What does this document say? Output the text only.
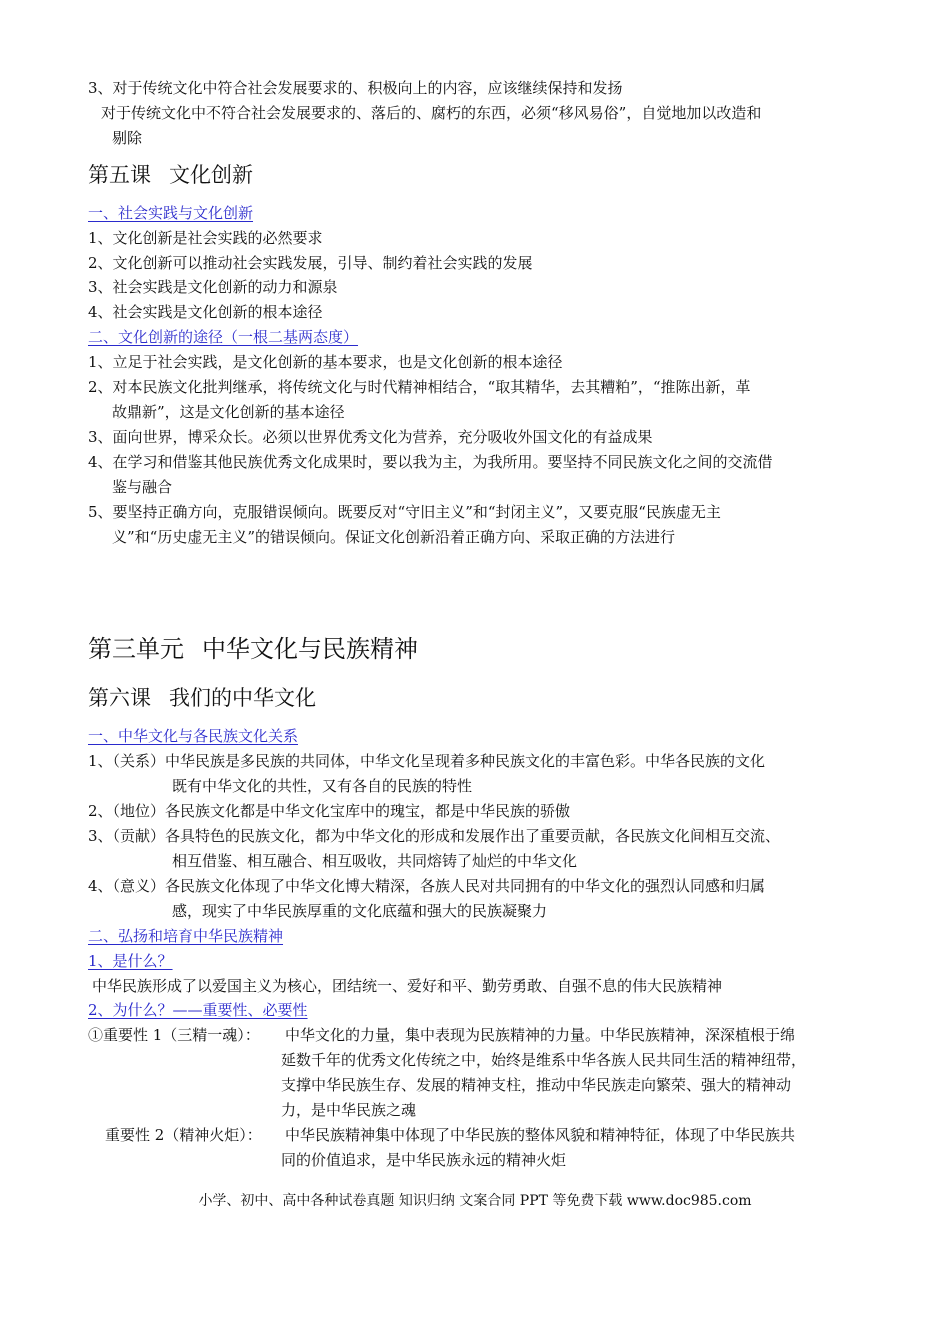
3、对于传统文化中符合社会发展要求的、积极向上的内容，应该继续保持和发扬
对于传统文化中不符合社会发展要求的、落后的、腐朽的东西，必须“移风易俗”，自觉地加以改造和
剔除
第五课 文化创新
一、社会实践与文化创新
1、文化创新是社会实践的必然要求
2、文化创新可以推动社会实践发展，引导、制约着社会实践的发展
3、社会实践是文化创新的动力和源泉
4、社会实践是文化创新的根本途径
二、文化创新的途径（一根二基两态度）
1、立足于社会实践，是文化创新的基本要求，也是文化创新的根本途径
2、对本民族文化批判继承，将传统文化与时代精神相结合，“取其精华，去其糟粕”，“推陈出新，革
故鼎新”，这是文化创新的基本途径
3、面向世界，博采众长。必须以世界优秀文化为营养，充分吸收外国文化的有益成果
4、在学习和借鉴其他民族优秀文化成果时，要以我为主，为我所用。要坚持不同民族文化之间的交流借
鉴与融合
5、要坚持正确方向，克服错误倾向。既要反对“守旧主义”和“封闭主义”，又要克服“民族虚无主
义”和“历史虚无主义”的错误倾向。保证文化创新沿着正确方向、采取正确的方法进行
第三单元 中华文化与民族精神
第六课 我们的中华文化
一、中华文化与各民族文化关系
1、（关系）中华民族是多民族的共同体，中华文化呈现着多种民族文化的丰富色彩。中华各民族的文化
既有中华文化的共性，又有各自的民族的特性
2、（地位）各民族文化都是中华文化宝库中的瑰宝，都是中华民族的骄傲
3、（贡献）各具特色的民族文化，都为中华文化的形成和发展作出了重要贡献，各民族文化间相互交流、
相互借鉴、相互融合、相互吸收，共同熔铸了灿烂的中华文化
4、（意义）各民族文化体现了中华文化博大精深，各族人民对共同拥有的中华文化的强烈认同感和归属
感，现实了中华民族厚重的文化底蕴和强大的民族凝聚力
二、弘扬和培育中华民族精神
1、是什么？
中华民族形成了以爱国主义为核心，团结统一、爱好和平、勤劳勇敢、自强不息的伟大民族精神
2、为什么？——重要性、必要性
①重要性 1（三精一魂）： 中华文化的力量，集中表现为民族精神的力量。中华民族精神，深深植根于绵
延数千年的优秀文化传统之中，始终是维系中华各族人民共同生活的精神纽带，
支撑中华民族生存、发展的精神支柱，推动中华民族走向繁荣、强大的精神动
力，是中华民族之魂
重要性 2（精神火炬）： 中华民族精神集中体现了中华民族的整体风貌和精神特征，体现了中华民族共
同的价值追求，是中华民族永远的精神火炬
小学、初中、高中各种试卷真题 知识归纳 文案合同 PPT 等免费下载 www.doc985.com
